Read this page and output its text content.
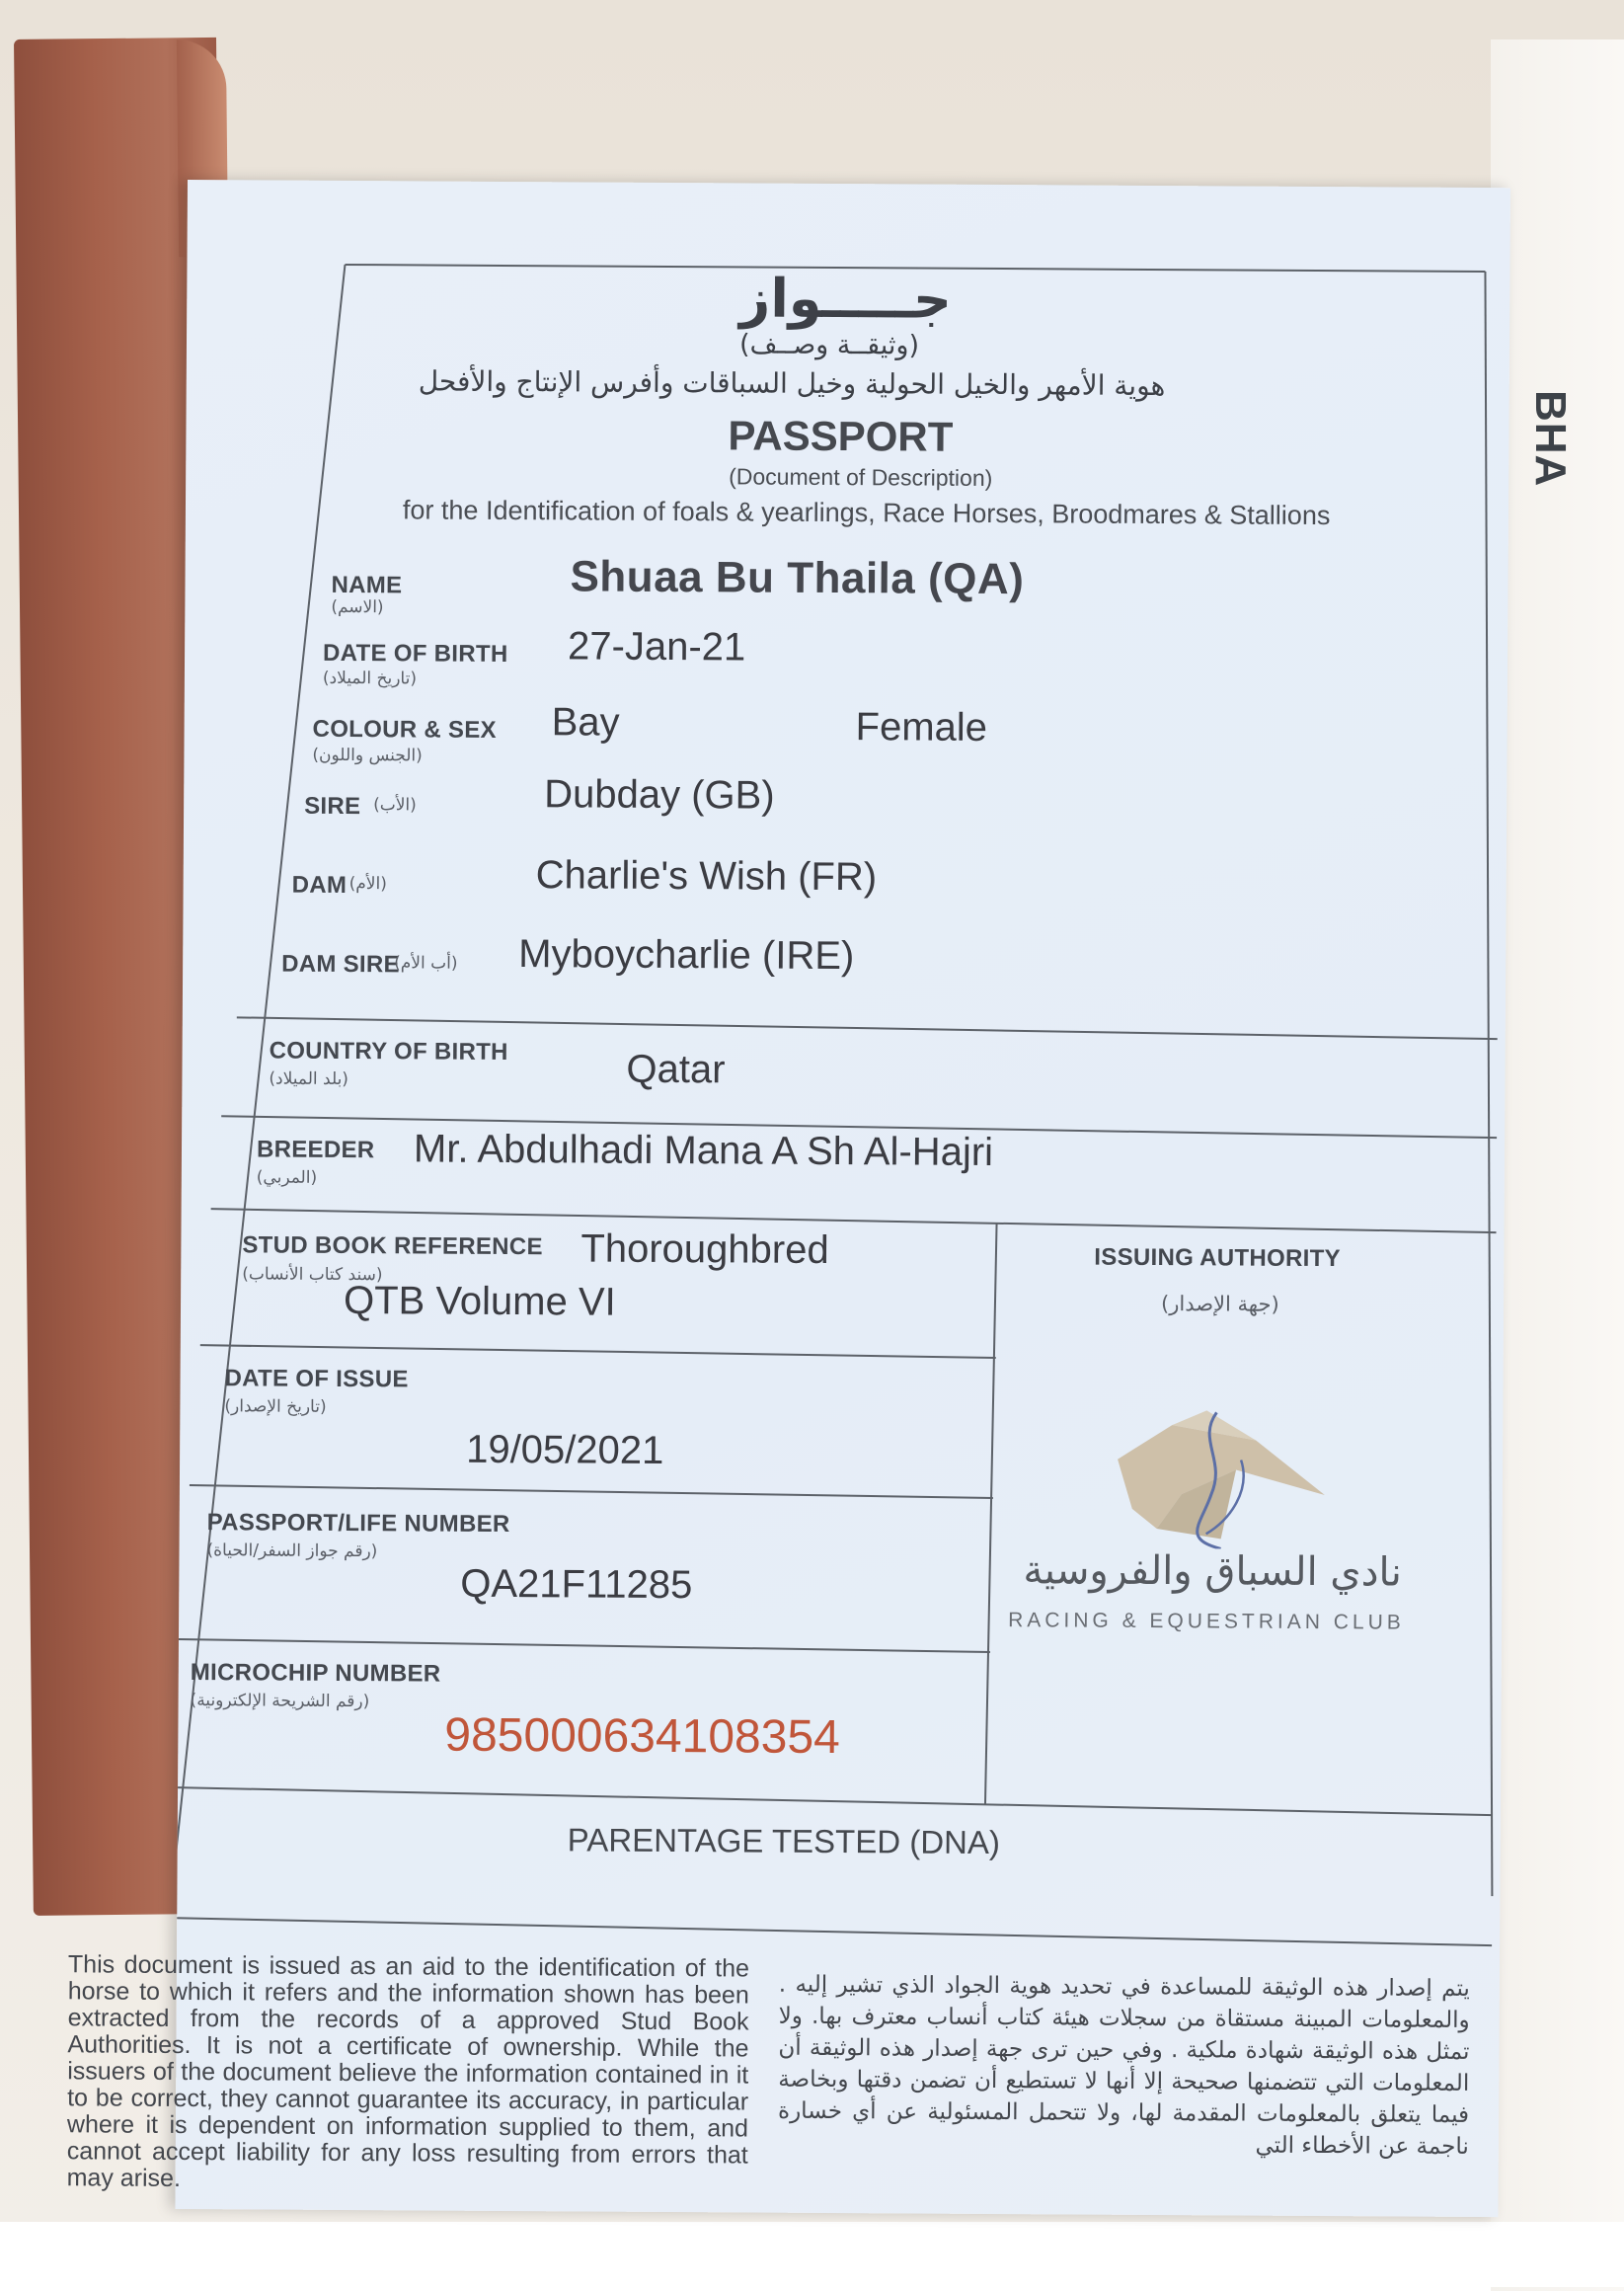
BHA
جـــــواز
(وثيقــة وصــف)
هوية الأمهر والخيل الحولية وخيل السباقات وأفرس الإنتاج والأفحل
PASSPORT
(Document of Description)
for the Identification of foals & yearlings, Race Horses, Broodmares & Stallions
NAME
(الاسم)
Shuaa Bu Thaila (QA)
DATE OF BIRTH
(تاريخ الميلاد)
27-Jan-21
COLOUR & SEX
(الجنس واللون)
Bay	Female
SIRE (الأب)	Dubday (GB)
DAM (الأم)	Charlie's Wish (FR)
DAM SIRE
(أب الأم) Myboycharlie (IRE)
COUNTRY OF BIRTH
(بلد الميلاد)	Qatar
BREEDER
(المربي)
Mr. Abdulhadi Mana A Sh Al-Hajri
STUD BOOK REFERENCE
(سند كتاب الأنساب)
Thoroughbred
QTB Volume VI
ISSUING AUTHORITY
(جهة الإصدار)
DATE OF ISSUE
(تاريخ الإصدار)
19/05/2021
PASSPORT/LIFE NUMBER
(رقم جواز السفر/الحياة)
QA21F11285
MICROCHIP NUMBER
(رقم الشريحة الإلكترونية)
985000634108354
نادي السباق والفروسية
RACING & EQUESTRIAN CLUB
PARENTAGE TESTED (DNA)
This document is issued as an aid to the identification of the horse to which it refers and the information shown has been extracted from the records of a approved Stud Book Authorities. It is not a certificate of ownership. While the issuers of the document believe the information contained in it to be correct, they cannot guarantee its accuracy, in particular where it is dependent on information supplied to them, and cannot accept liability for any loss resulting from errors that may arise.
يتم إصدار هذه الوثيقة للمساعدة في تحديد هوية الجواد الذي تشير إليه . والمعلومات المبينة مستقاة من سجلات هيئة كتاب أنساب معترف بها. ولا تمثل هذه الوثيقة شهادة ملكية . وفي حين ترى جهة إصدار هذه الوثيقة أن المعلومات التي تتضمنها صحيحة إلا أنها لا تستطيع أن تضمن دقتها وبخاصة فيما يتعلق بالمعلومات المقدمة لها، ولا تتحمل المسئولية عن أي خسارة ناجمة عن الأخطاء التي
